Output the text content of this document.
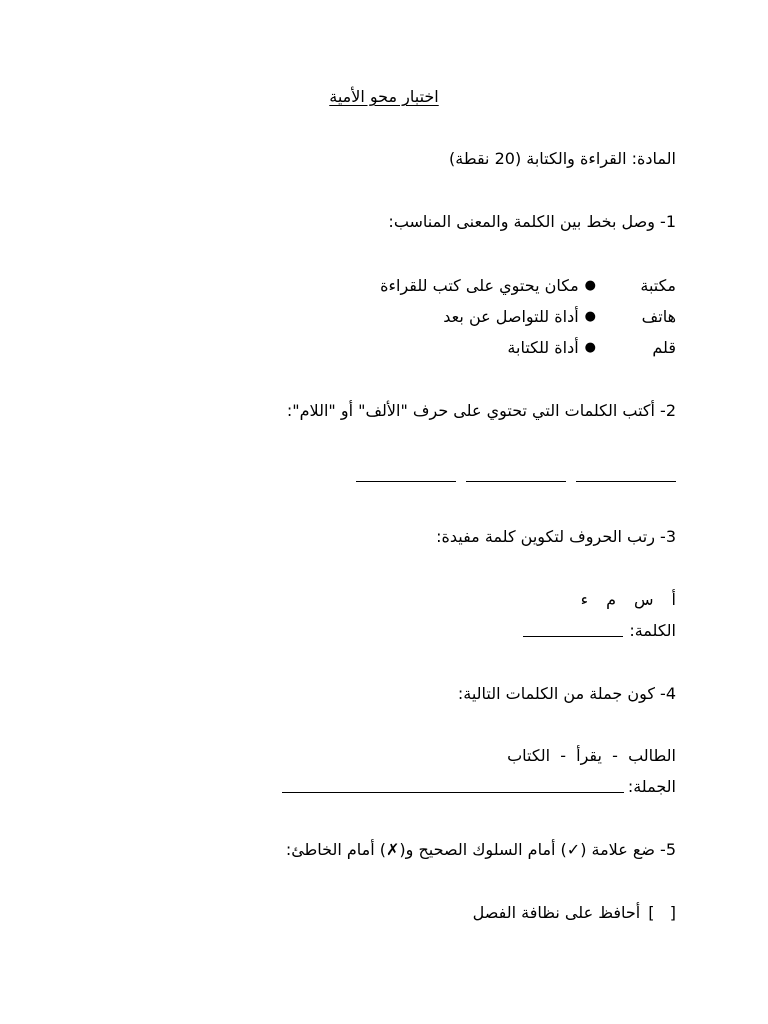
اختبار محو الأمية
المادة: القراءة والكتابة (20 نقطة)
1- وصل بخط بين الكلمة والمعنى المناسب:
مكتبة
●
مكان يحتوي على كتب للقراءة
هاتف
●
أداة للتواصل عن بعد
قلم
●
أداة للكتابة
2- أكتب الكلمات التي تحتوي على حرف "الألف" أو "اللام":
3- رتب الحروف لتكوين كلمة مفيدة:
أ
س
م
ء
الكلمة:
4- كون جملة من الكلمات التالية:
الطالب  -  يقرأ  -  الكتاب
الجملة:
5- ضع علامة (✓) أمام السلوك الصحيح و(✗) أمام الخاطئ:
[   ]أحافظ على نظافة الفصل
